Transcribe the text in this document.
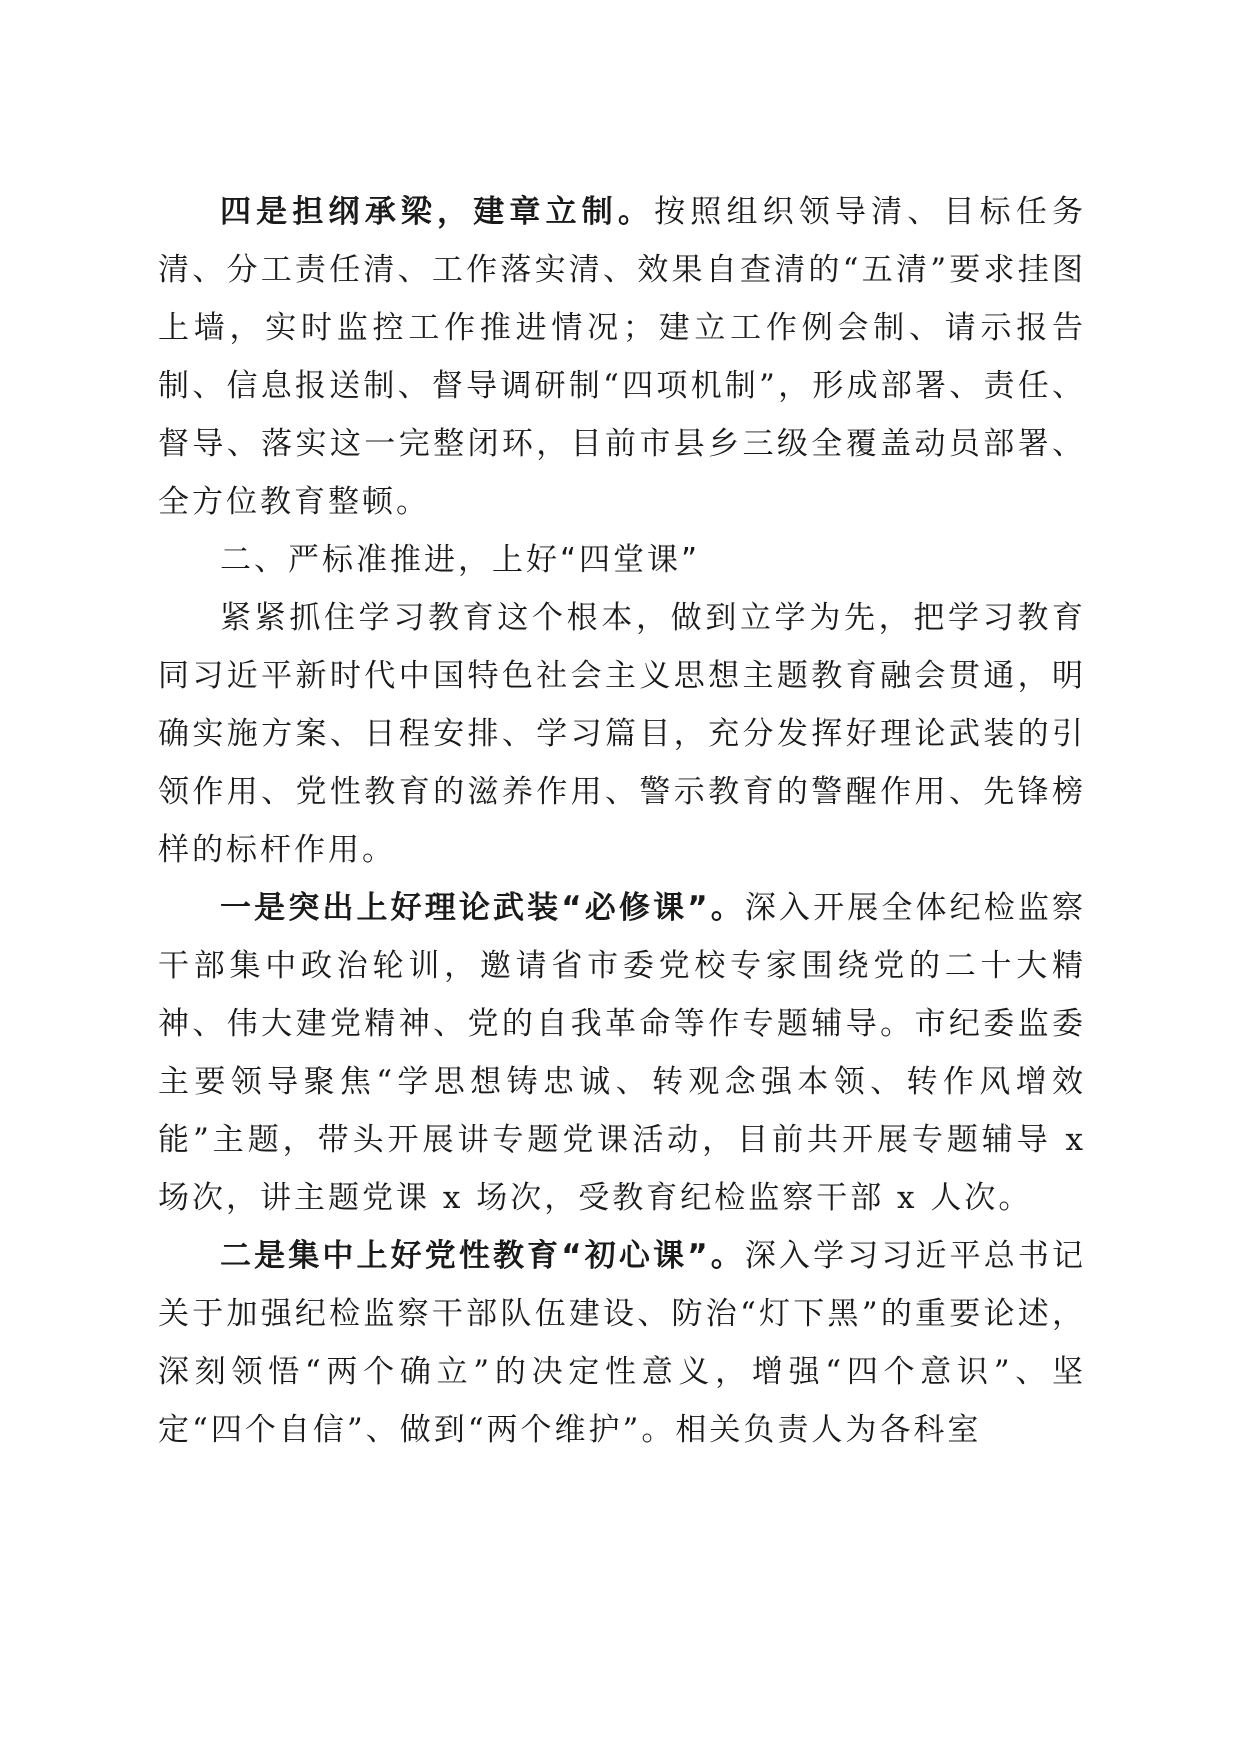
四是担纲承梁，建章立制。按照组织领导清、目标任务清、分工责任清、工作落实清、效果自查清的“五清”要求挂图上墙，实时监控工作推进情况；建立工作例会制、请示报告制、信息报送制、督导调研制“四项机制”，形成部署、责任、督导、落实这一完整闭环，目前市县乡三级全覆盖动员部署、全方位教育整顿。

二、严标准推进，上好“四堂课”

紧紧抓住学习教育这个根本，做到立学为先，把学习教育同习近平新时代中国特色社会主义思想主题教育融会贯通，明确实施方案、日程安排、学习篇目，充分发挥好理论武装的引领作用、党性教育的滋养作用、警示教育的警醒作用、先锋榜样的标杆作用。

一是突出上好理论武装“必修课”。深入开展全体纪检监察干部集中政治轮训，邀请省市委党校专家围绕党的二十大精神、伟大建党精神、党的自我革命等作专题辅导。市纪委监委主要领导聚焦“学思想铸忠诚、转观念强本领、转作风增效能”主题，带头开展讲专题党课活动，目前共开展专题辅导 x 场次，讲主题党课 x 场次，受教育纪检监察干部 x 人次。

二是集中上好党性教育“初心课”。深入学习习近平总书记关于加强纪检监察干部队伍建设、防治“灯下黑”的重要论述，深刻领悟“两个确立”的决定性意义，增强“四个意识”、坚定“四个自信”、做到“两个维护”。相关负责人为各科室
